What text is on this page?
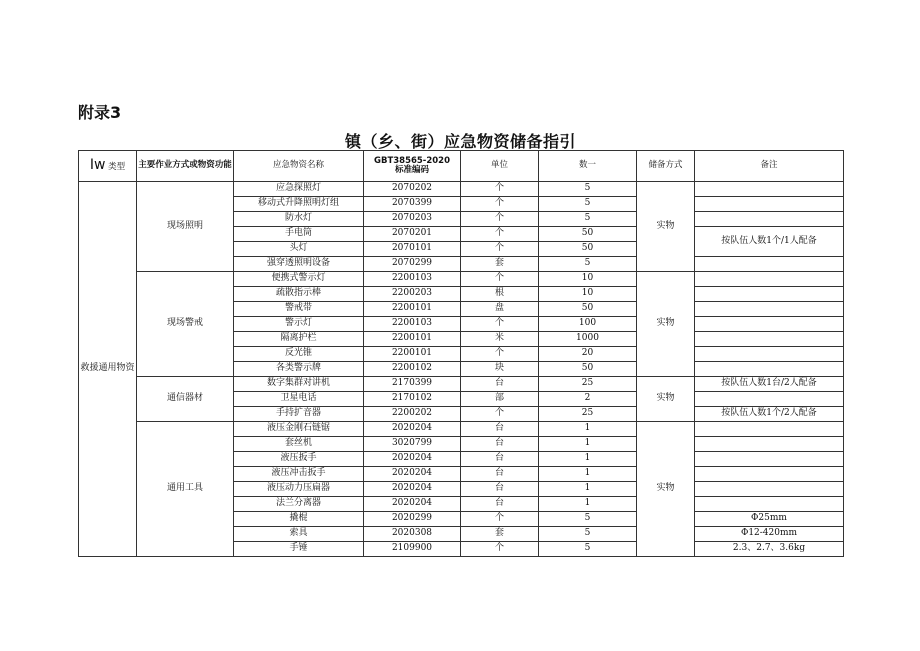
附录3
镇（乡、街）应急物资储备指引
Iw 类型	主要作业方式或物资功能	应急物资名称	GBT38565-2020
标准编码	单位	数一	储备方式	备注
救援通用物资	现场照明	应急探照灯	2070202	个	5	实物	
		移动式升降照明灯组	2070399	个	5		
		防水灯	2070203	个	5		
		手电筒	2070201	个	50		按队伍人数1个/1人配备
		头灯	2070101	个	50		
		强穿透照明设备	2070299	套	5		
	现场警戒	便携式警示灯	2200103	个	10	实物	
		疏散指示棒	2200203	根	10		
		警戒带	2200101	盘	50		
		警示灯	2200103	个	100		
		隔离护栏	2200101	米	1000		
		反光锥	2200101	个	20		
		各类警示牌	2200102	块	50		
	通信器材	数字集群对讲机	2170399	台	25	实物	按队伍人数1台/2人配备
		卫星电话	2170102	部	2		
		手持扩音器	2200202	个	25		按队伍人数1个/2人配备
	通用工具	液压金刚石链锯	2020204	台	1	实物	
		套丝机	3020799	台	1		
		液压扳手	2020204	台	1		
		液压冲击扳手	2020204	台	1		
		液压动力压扁器	2020204	台	1		
		法兰分离器	2020204	台	1		
		撬棍	2020299	个	5		Φ25mm
		索具	2020308	套	5		Φ12-420mm
		手锤	2109900	个	5		2.3、2.7、3.6kg
